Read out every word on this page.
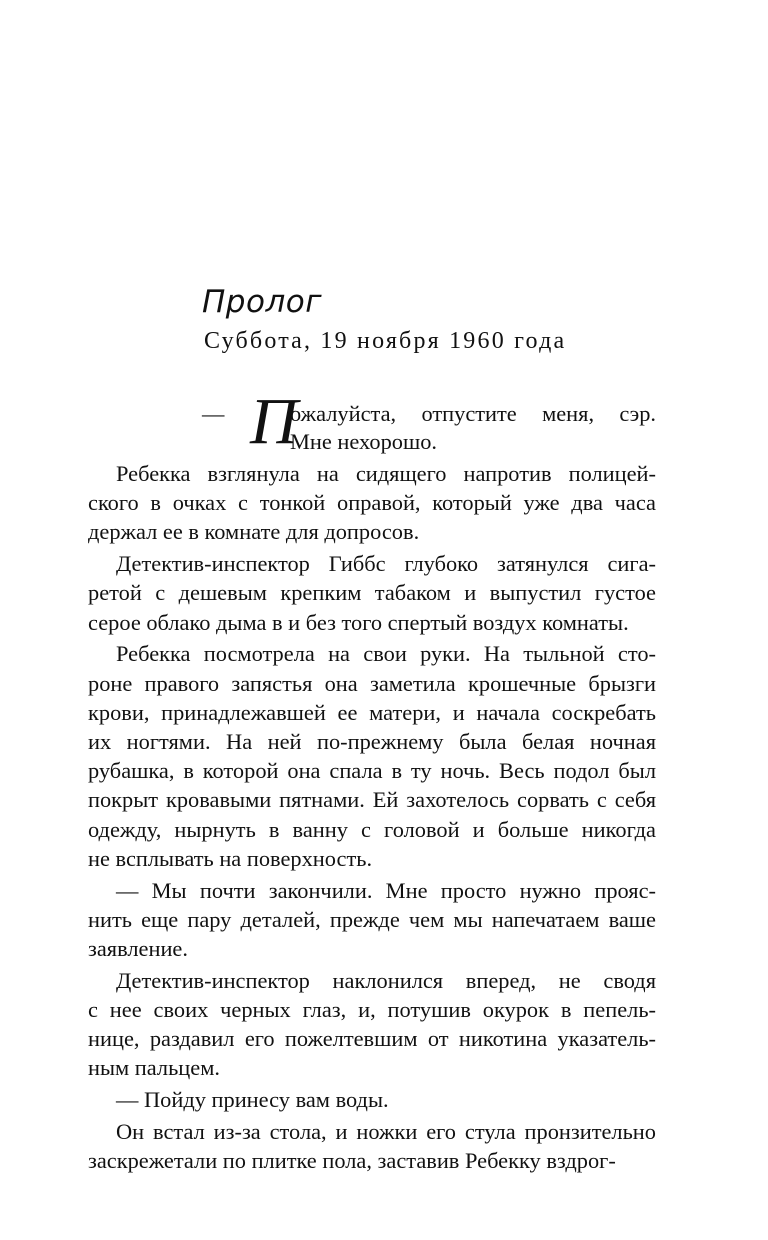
Пролог
Суббота, 19 ноября 1960 года
— П
ожалуйста, отпустите меня, сэр.
Мне нехорошо.
Ребекка взглянула на сидящего напротив полицей-
ского в очках с тонкой оправой, который уже два часа
держал ее в комнате для допросов.
Детектив-инспектор Гиббс глубоко затянулся сига-
ретой с дешевым крепким табаком и выпустил густое
серое облако дыма в и без того спертый воздух комнаты.
Ребекка посмотрела на свои руки. На тыльной сто-
роне правого запястья она заметила крошечные брызги
крови, принадлежавшей ее матери, и начала соскребать
их ногтями. На ней по-прежнему была белая ночная
рубашка, в которой она спала в ту ночь. Весь подол был
покрыт кровавыми пятнами. Ей захотелось сорвать с себя
одежду, нырнуть в ванну с головой и больше никогда
не всплывать на поверхность.
— Мы почти закончили. Мне просто нужно прояс-
нить еще пару деталей, прежде чем мы напечатаем ваше
заявление.
Детектив-инспектор наклонился вперед, не сводя
с нее своих черных глаз, и, потушив окурок в пепель-
нице, раздавил его пожелтевшим от никотина указатель-
ным пальцем.
— Пойду принесу вам воды.
Он встал из-за стола, и ножки его стула пронзительно
заскрежетали по плитке пола, заставив Ребекку вздрог-
